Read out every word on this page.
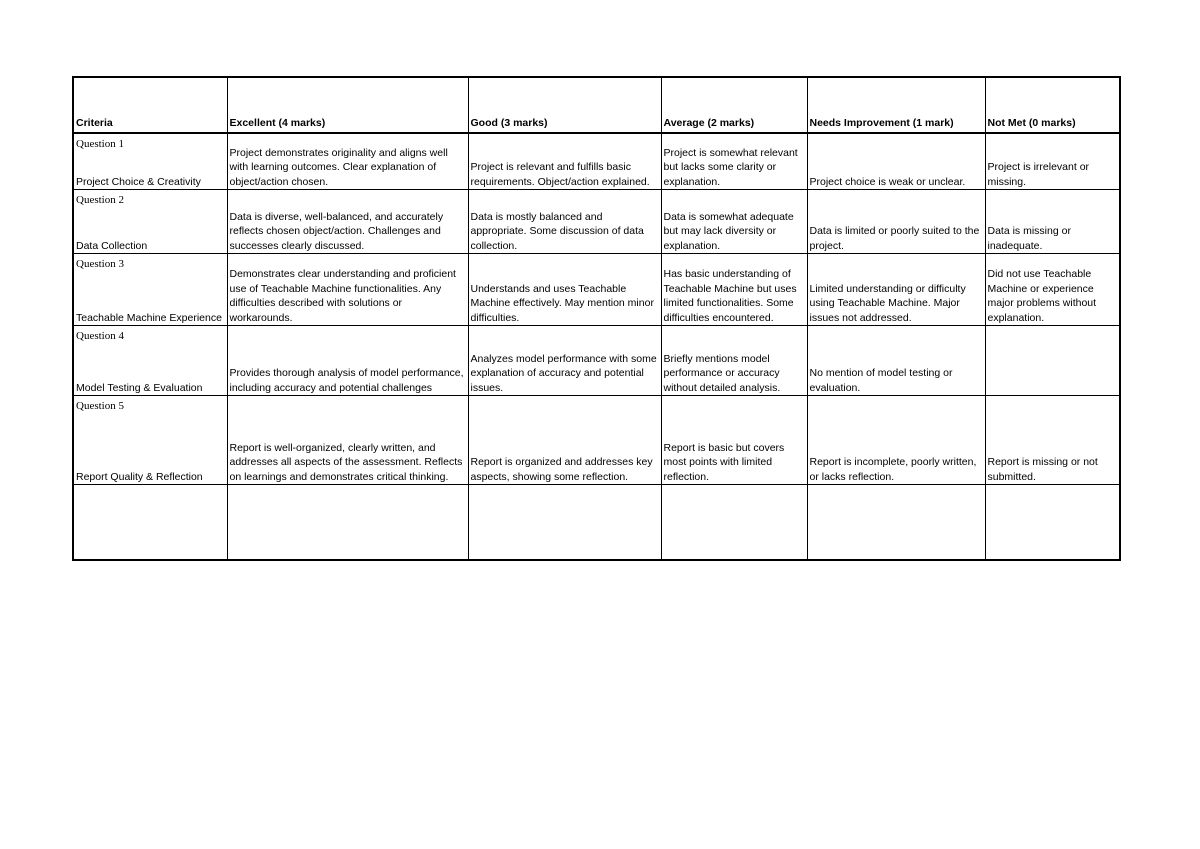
Criteria	Excellent (4 marks)	Good (3 marks)	Average (2 marks)	Needs Improvement (1 mark)	Not Met (0 marks)

Question 1
Project Choice & Creativity	Project demonstrates originality and aligns well with learning outcomes. Clear explanation of object/action chosen.	Project is relevant and fulfills basic requirements. Object/action explained.	Project is somewhat relevant but lacks some clarity or explanation.	Project choice is weak or unclear.	Project is irrelevant or missing.

Question 2
Data Collection	Data is diverse, well-balanced, and accurately reflects chosen object/action. Challenges and successes clearly discussed.	Data is mostly balanced and appropriate. Some discussion of data collection.	Data is somewhat adequate but may lack diversity or explanation.	Data is limited or poorly suited to the project.	Data is missing or inadequate.

Question 3
Teachable Machine Experience	Demonstrates clear understanding and proficient use of Teachable Machine functionalities. Any difficulties described with solutions or workarounds.	Understands and uses Teachable Machine effectively. May mention minor difficulties.	Has basic understanding of Teachable Machine but uses limited functionalities. Some difficulties encountered.	Limited understanding or difficulty using Teachable Machine. Major issues not addressed.	Did not use Teachable Machine or experience major problems without explanation.

Question 4
Model Testing & Evaluation	Provides thorough analysis of model performance, including accuracy and potential challenges	Analyzes model performance with some explanation of accuracy and potential issues.	Briefly mentions model performance or accuracy without detailed analysis.	No mention of model testing or evaluation.	

Question 5
Report Quality & Reflection	Report is well-organized, clearly written, and addresses all aspects of the assessment. Reflects on learnings and demonstrates critical thinking.	Report is organized and addresses key aspects, showing some reflection.	Report is basic but covers most points with limited reflection.	Report is incomplete, poorly written, or lacks reflection.	Report is missing or not submitted.
